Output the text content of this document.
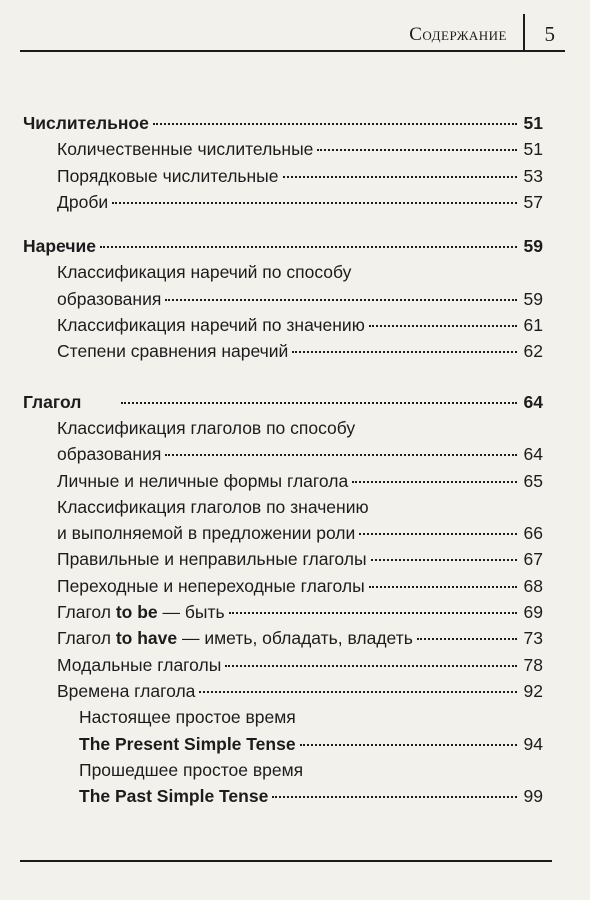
Содержание 5
Числительное	51
Количественные числительные	51
Порядковые числительные	53
Дроби	57
Наречие	59
Классификация наречий по способу
образования	59
Классификация наречий по значению	61
Степени сравнения наречий	62
Глагол	64
Классификация глаголов по способу
образования	64
Личные и неличные формы глагола	65
Классификация глаголов по значению
и выполняемой в предложении роли	66
Правильные и неправильные глаголы	67
Переходные и непереходные глаголы	68
Глагол to be — быть	69
Глагол to have — иметь, обладать, владеть	73
Модальные глаголы	78
Времена глагола	92
Настоящее простое время
The Present Simple Tense	94
Прошедшее простое время
The Past Simple Tense	99
